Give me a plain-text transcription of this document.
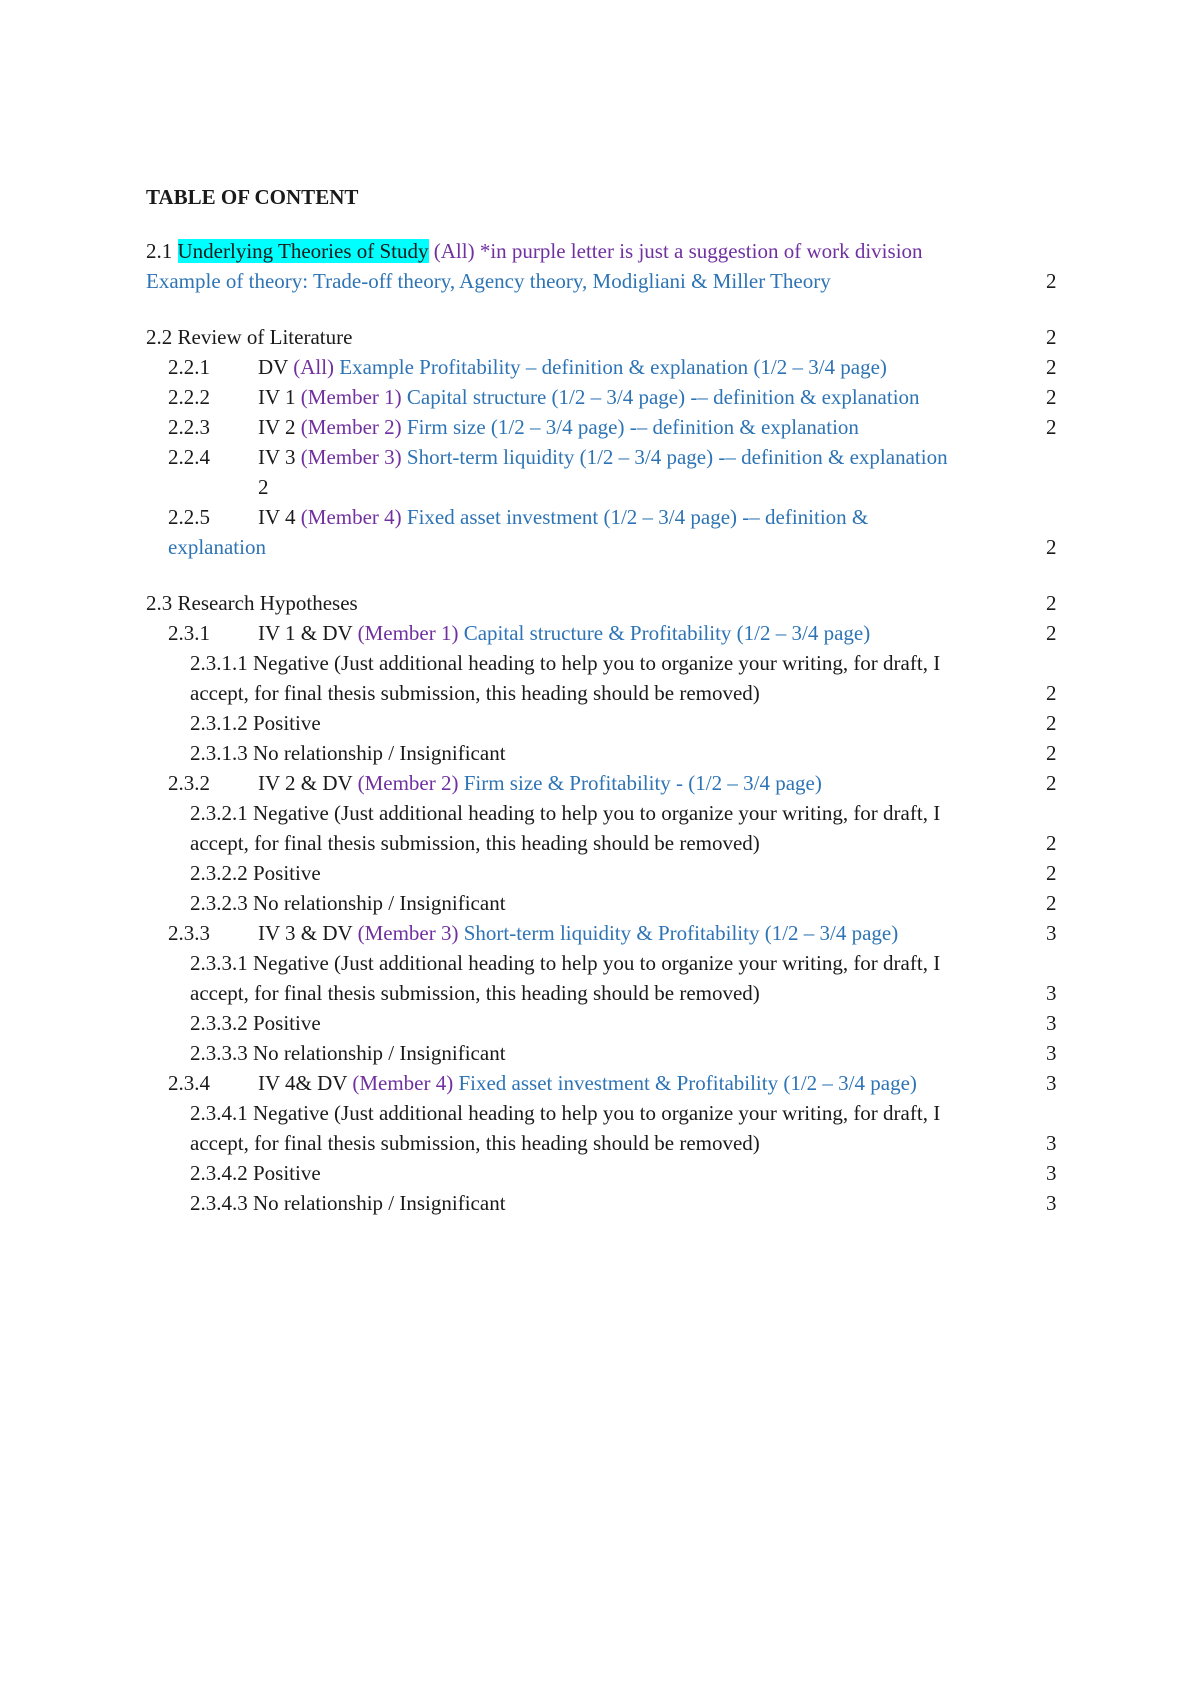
TABLE OF CONTENT
2.1 Underlying Theories of Study (All) *in purple letter is just a suggestion of work division
Example of theory: Trade-off theory, Agency theory, Modigliani & Miller Theory	2
2.2 Review of Literature	2
2.2.1 DV (All) Example Profitability – definition & explanation (1/2 – 3/4 page)	2
2.2.2 IV 1 (Member 1) Capital structure (1/2 – 3/4 page) -– definition & explanation	2
2.2.3 IV 2 (Member 2) Firm size (1/2 – 3/4 page) -– definition & explanation	2
2.2.4 IV 3 (Member 3) Short-term liquidity (1/2 – 3/4 page) -– definition & explanation
2
2.2.5 IV 4 (Member 4) Fixed asset investment (1/2 – 3/4 page) -– definition &
explanation	2
2.3 Research Hypotheses	2
2.3.1 IV 1 & DV (Member 1) Capital structure & Profitability (1/2 – 3/4 page)	2
2.3.1.1 Negative (Just additional heading to help you to organize your writing, for draft, I
accept, for final thesis submission, this heading should be removed)	2
2.3.1.2 Positive	2
2.3.1.3 No relationship / Insignificant	2
2.3.2 IV 2 & DV (Member 2) Firm size & Profitability - (1/2 – 3/4 page)	2
2.3.2.1 Negative (Just additional heading to help you to organize your writing, for draft, I
accept, for final thesis submission, this heading should be removed)	2
2.3.2.2 Positive	2
2.3.2.3 No relationship / Insignificant	2
2.3.3 IV 3 & DV (Member 3) Short-term liquidity & Profitability (1/2 – 3/4 page)	3
2.3.3.1 Negative (Just additional heading to help you to organize your writing, for draft, I
accept, for final thesis submission, this heading should be removed)	3
2.3.3.2 Positive	3
2.3.3.3 No relationship / Insignificant	3
2.3.4 IV 4& DV (Member 4) Fixed asset investment & Profitability (1/2 – 3/4 page)	3
2.3.4.1 Negative (Just additional heading to help you to organize your writing, for draft, I
accept, for final thesis submission, this heading should be removed)	3
2.3.4.2 Positive	3
2.3.4.3 No relationship / Insignificant	3
